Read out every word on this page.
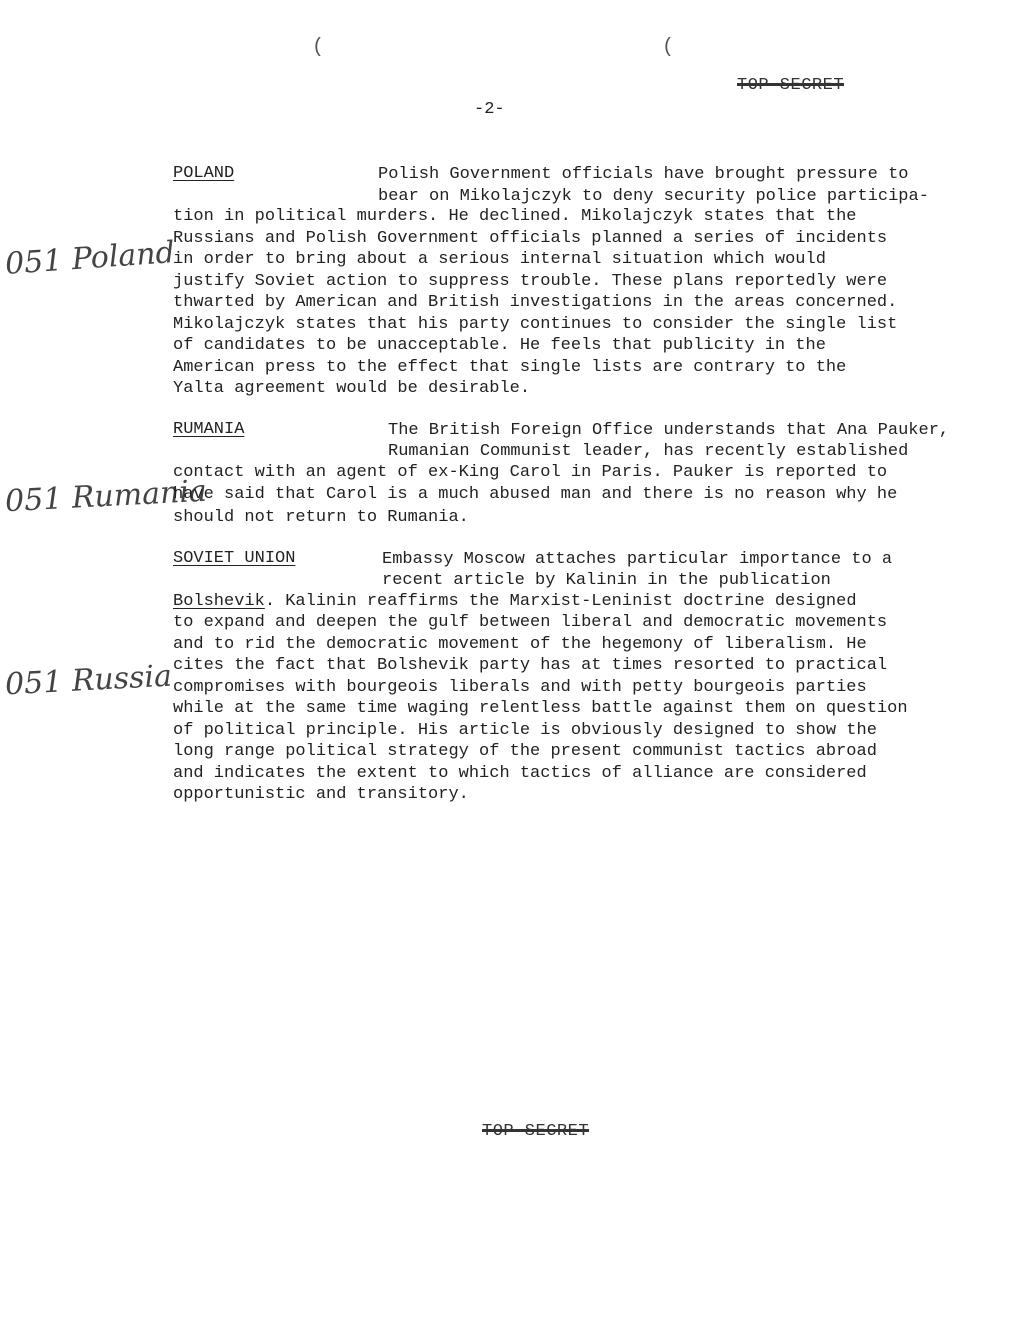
TOP SECRET
-2-
(	(
POLAND
051 Poland
Polish Government officials have brought pressure to
bear on Mikolajczyk to deny security police participa-
tion in political murders. He declined. Mikolajczyk states that the
Russians and Polish Government officials planned a series of incidents
in order to bring about a serious internal situation which would
justify Soviet action to suppress trouble. These plans reportedly were
thwarted by American and British investigations in the areas concerned.
Mikolajczyk states that his party continues to consider the single list
of candidates to be unacceptable. He feels that publicity in the
American press to the effect that single lists are contrary to the
Yalta agreement would be desirable.
RUMANIA
051 Rumania
The British Foreign Office understands that Ana Pauker,
Rumanian Communist leader, has recently established
contact with an agent of ex-King Carol in Paris. Pauker is reported to
have said that Carol is a much abused man and there is no reason why he
should not return to Rumania.
SOVIET UNION
051 Russia
Embassy Moscow attaches particular importance to a
recent article by Kalinin in the publication
Bolshevik. Kalinin reaffirms the Marxist-Leninist doctrine designed
to expand and deepen the gulf between liberal and democratic movements
and to rid the democratic movement of the hegemony of liberalism. He
cites the fact that Bolshevik party has at times resorted to practical
compromises with bourgeois liberals and with petty bourgeois parties
while at the same time waging relentless battle against them on question
of political principle. His article is obviously designed to show the
long range political strategy of the present communist tactics abroad
and indicates the extent to which tactics of alliance are considered
opportunistic and transitory.
TOP SECRET
